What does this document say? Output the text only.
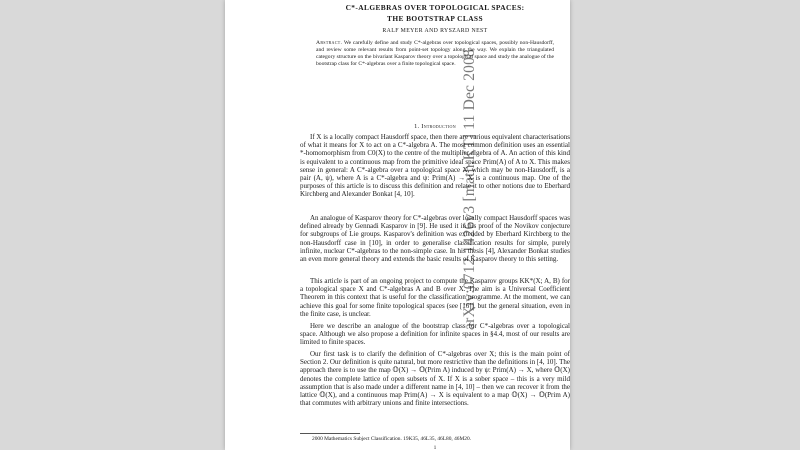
arXiv:0712.1426v3 [math.KT] 11 Dec 2008
C*-ALGEBRAS OVER TOPOLOGICAL SPACES:
THE BOOTSTRAP CLASS
RALF MEYER AND RYSZARD NEST

Abstract. We carefully define and study C*-algebras over topological spaces, possibly non-Hausdorff, and review some relevant results from point-set topology along the way. We explain the triangulated category structure on the bivariant Kasparov theory over a topological space and study the analogue of the bootstrap class for C*-algebras over a finite topological space.

1. Introduction

If X is a locally compact Hausdorff space, then there are various equivalent characterisations of what it means for X to act on a C*-algebra A. The most common definition uses an essential *-homomorphism from C0(X) to the centre of the multiplier algebra of A. An action of this kind is equivalent to a continuous map from the primitive ideal space Prim(A) of A to X. This makes sense in general: A C*-algebra over a topological space X, which may be non-Hausdorff, is a pair (A, ψ), where A is a C*-algebra and ψ: Prim(A) → X is a continuous map. One of the purposes of this article is to discuss this definition and relate it to other notions due to Eberhard Kirchberg and Alexander Bonkat [4, 10].

An analogue of Kasparov theory for C*-algebras over locally compact Hausdorff spaces was defined already by Gennadi Kasparov in [9]. He used it in his proof of the Novikov conjecture for subgroups of Lie groups. Kasparov's definition was extended by Eberhard Kirchberg to the non-Hausdorff case in [10], in order to generalise classification results for simple, purely infinite, nuclear C*-algebras to the non-simple case. In his thesis [4], Alexander Bonkat studies an even more general theory and extends the basic results of Kasparov theory to this setting.

This article is part of an ongoing project to compute the Kasparov groups KK*(X; A, B) for a topological space X and C*-algebras A and B over X. The aim is a Universal Coefficient Theorem in this context that is useful for the classification programme. At the moment, we can achieve this goal for some finite topological spaces (see [16]), but the general situation, even in the finite case, is unclear.

Here we describe an analogue of the bootstrap class for C*-algebras over a topological space. Although we also propose a definition for infinite spaces in §4.4, most of our results are limited to finite spaces.

Our first task is to clarify the definition of C*-algebras over X; this is the main point of Section 2. Our definition is quite natural, but more restrictive than the definitions in [4, 10]. The approach there is to use the map 𝕆(X) → 𝕆(Prim A) induced by ψ: Prim(A) → X, where 𝕆(X) denotes the complete lattice of open subsets of X. If X is a sober space – this is a very mild assumption that is also made under a different name in [4, 10] – then we can recover it from the lattice 𝕆(X), and a continuous map Prim(A) → X is equivalent to a map 𝕆(X) → 𝕆(Prim A) that commutes with arbitrary unions and finite intersections.

2000 Mathematics Subject Classification. 19K35, 46L35, 46L80, 46M20.

1
